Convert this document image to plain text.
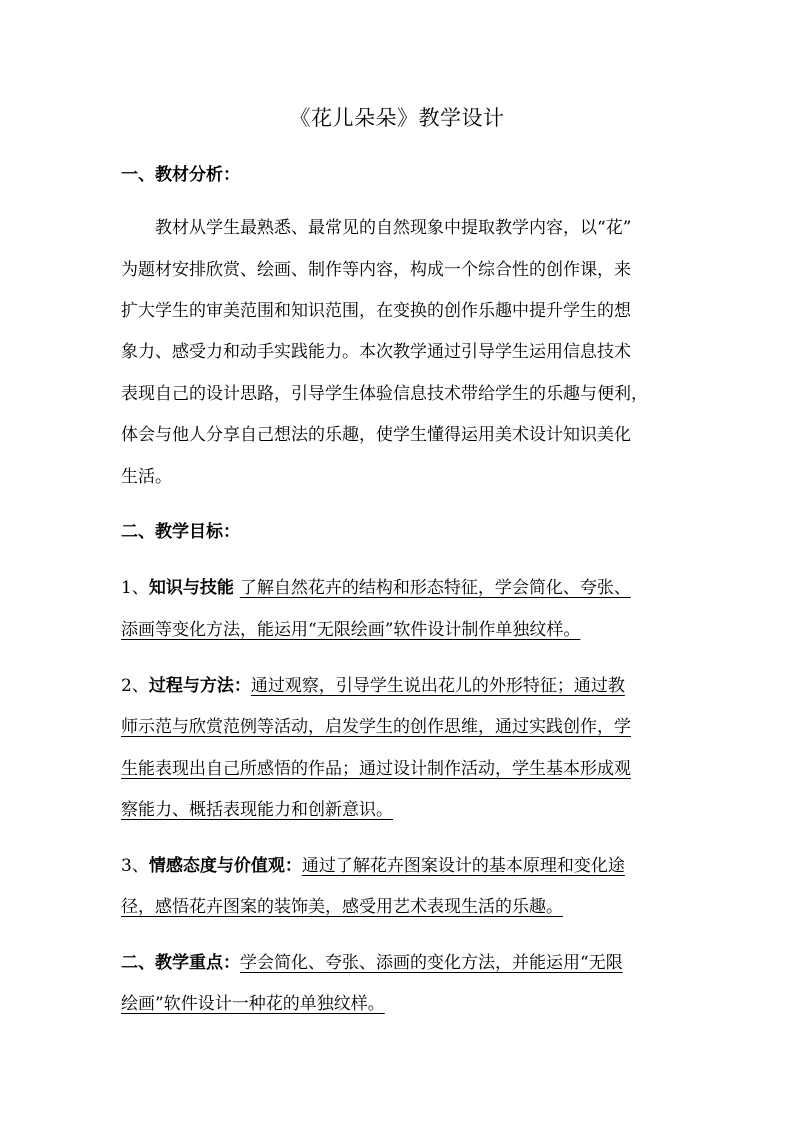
《花儿朵朵》教学设计
一、教材分析：
教材从学生最熟悉、最常见的自然现象中提取教学内容，以“花”
为题材安排欣赏、绘画、制作等内容，构成一个综合性的创作课，来
扩大学生的审美范围和知识范围，在变换的创作乐趣中提升学生的想
象力、感受力和动手实践能力。本次教学通过引导学生运用信息技术
表现自己的设计思路，引导学生体验信息技术带给学生的乐趣与便利，
体会与他人分享自己想法的乐趣，使学生懂得运用美术设计知识美化
生活。
二、教学目标：
1、知识与技能 了解自然花卉的结构和形态特征，学会简化、夸张、
添画等变化方法，能运用“无限绘画”软件设计制作单独纹样。
2、过程与方法：通过观察，引导学生说出花儿的外形特征；通过教
师示范与欣赏范例等活动，启发学生的创作思维，通过实践创作，学
生能表现出自己所感悟的作品；通过设计制作活动，学生基本形成观
察能力、概括表现能力和创新意识。
3、情感态度与价值观：通过了解花卉图案设计的基本原理和变化途
径，感悟花卉图案的装饰美，感受用艺术表现生活的乐趣。
二、教学重点：学会简化、夸张、添画的变化方法，并能运用“无限
绘画”软件设计一种花的单独纹样。
